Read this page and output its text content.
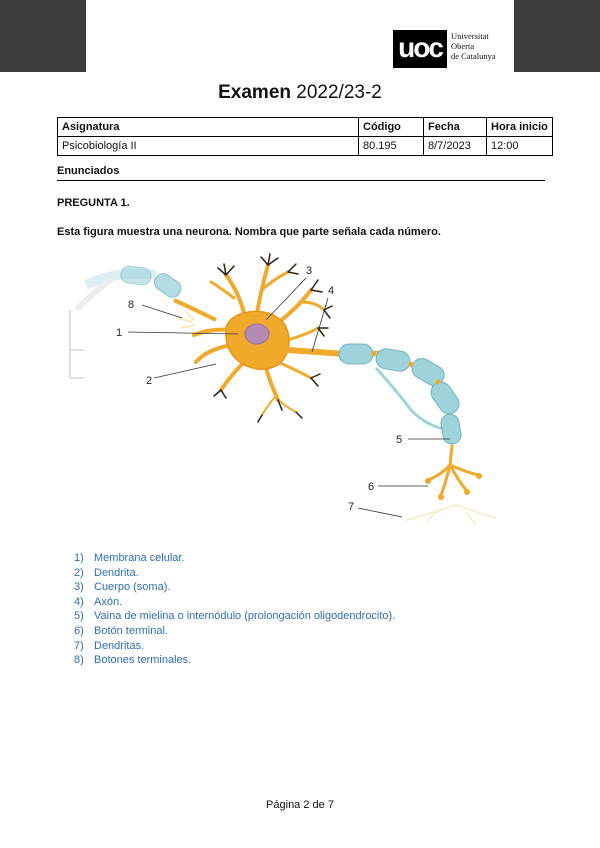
uoc	Universitat
Oberta
de Catalunya
Examen 2022/23-2
Asignatura	Código	Fecha	Hora inicio
Psicobiología II	80.195	8/7/2023	12:00
Enunciados
PREGUNTA 1.
Esta figura muestra una neurona. Nombra que parte señala cada número.
1
2
3
4
5
6
7
8
1) Membrana celular.
2) Dendrita.
3) Cuerpo (soma).
4) Axón.
5) Vaina de mielina o internódulo (prolongación oligodendrocito).
6) Botón terminal.
7) Dendritas.
8) Botones terminales.
Página 2 de 7
